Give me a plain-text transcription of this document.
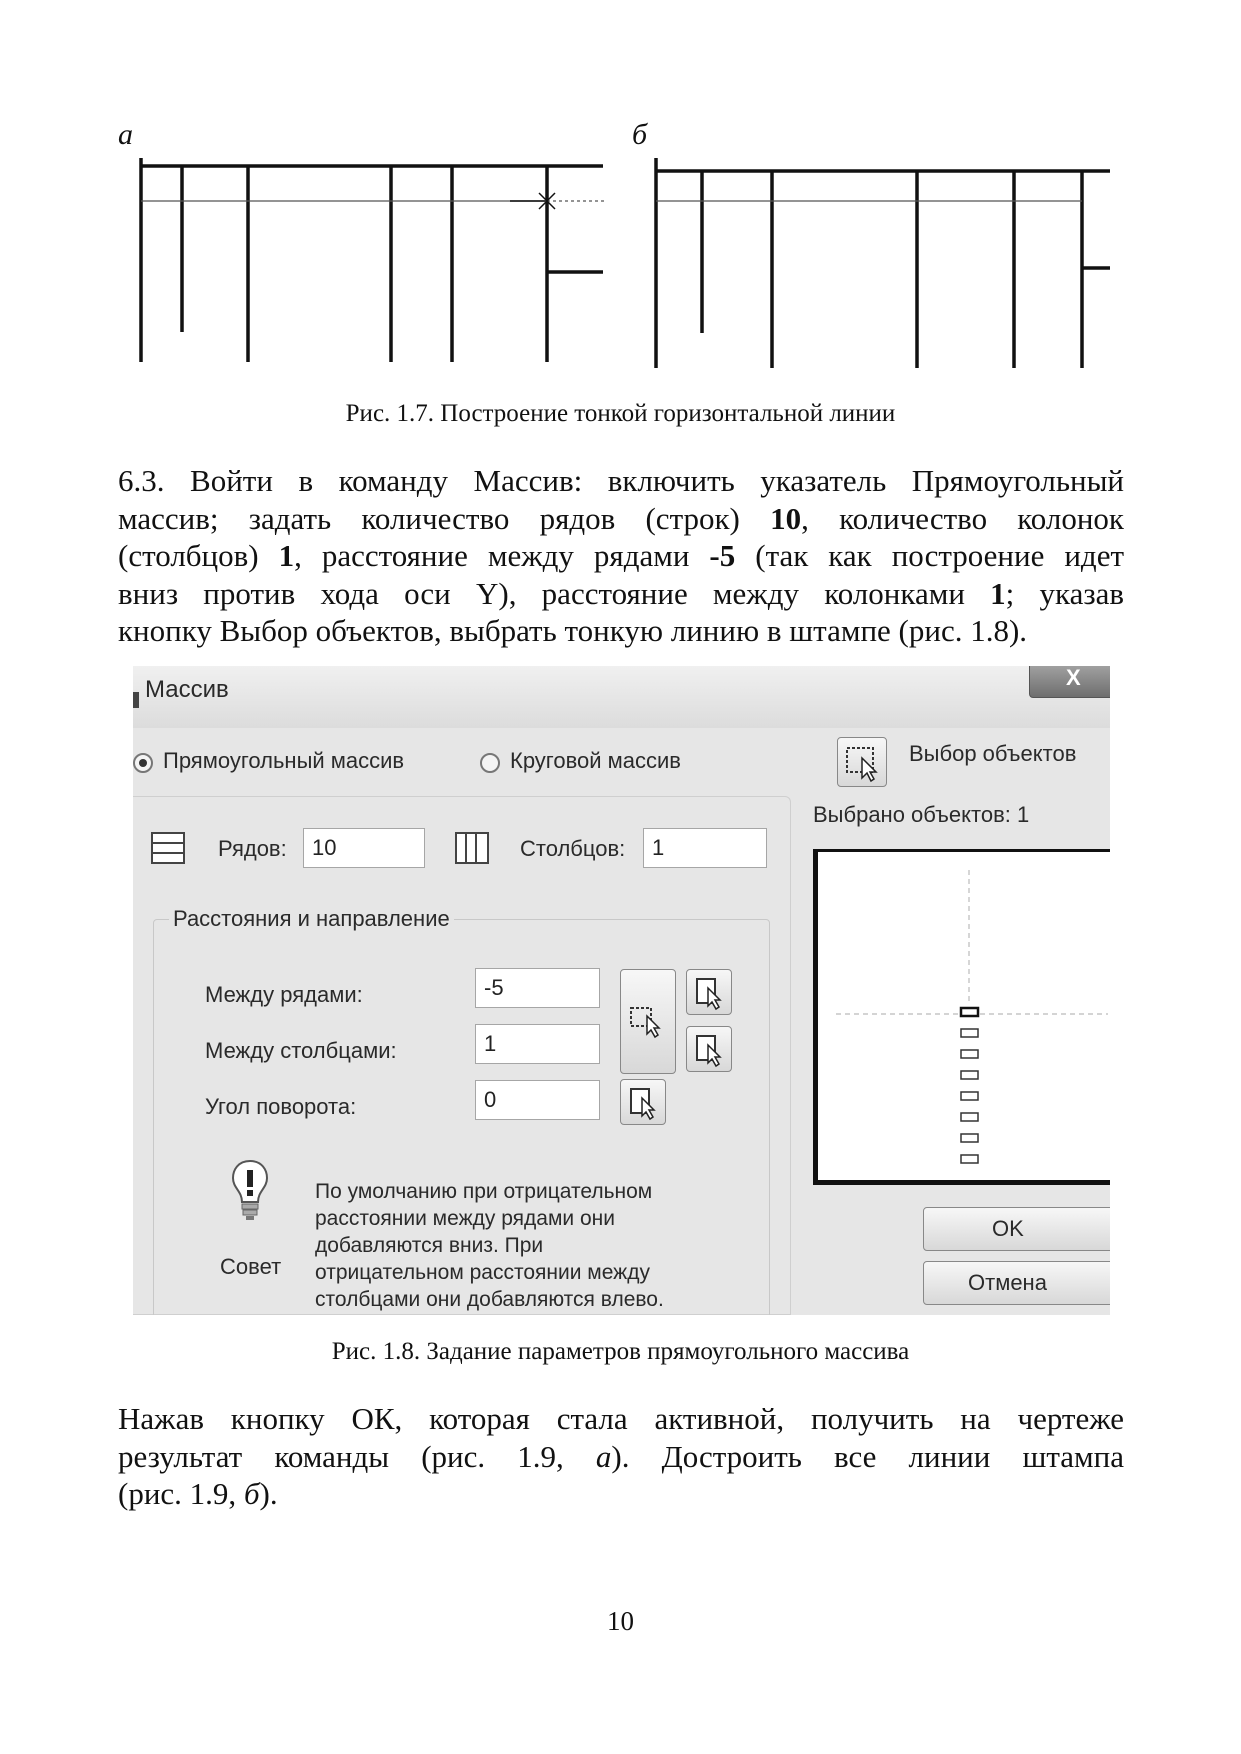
а	б
Рис. 1.7. Построение тонкой горизонтальной линии
6.3. Войти в команду Массив: включить указатель Прямоугольный
массив; задать количество рядов (строк) 10, количество колонок
(столбцов) 1, расстояние между рядами -5 (так как построение идет
вниз против хода оси Y), расстояние между колонками 1; указав
кнопку Выбор объектов, выбрать тонкую линию в штампе (рис. 1.8).
Массив	X
Прямоугольный массив	Круговой массив	Выбор объектов
Выбрано объектов: 1
Рядов:
10	Столбцов:
1
Расстояния и направление
Между рядами:
-5
Между столбцами:
1
Угол поворота:
0
Совет
По умолчанию при отрицательном
расстоянии между рядами они
добавляются вниз. При
отрицательном расстоянии между
столбцами они добавляются влево.
OK
Отмена
Рис. 1.8. Задание параметров прямоугольного массива
Нажав кнопку ОК, которая стала активной, получить на чертеже
результат команды (рис. 1.9, а). Достроить все линии штампа
(рис. 1.9, б).
10
